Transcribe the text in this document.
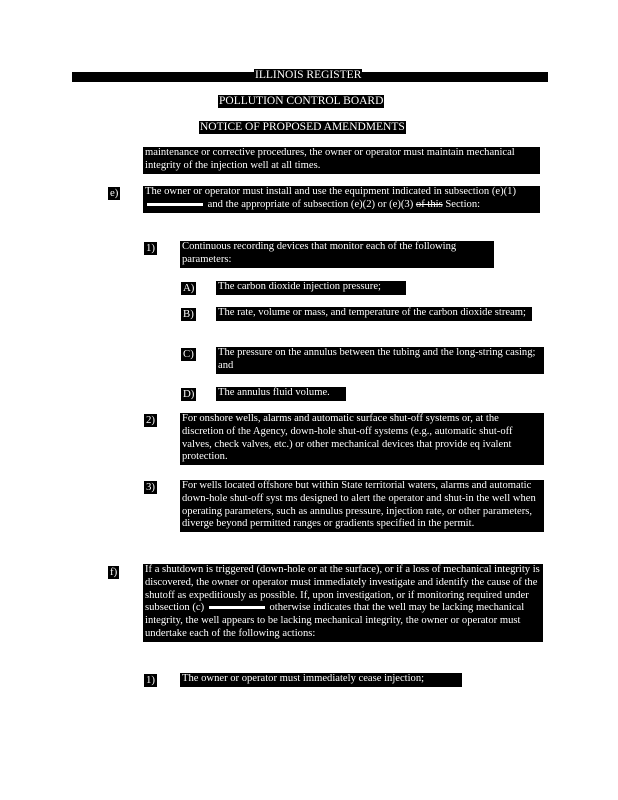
ILLINOIS REGISTER
POLLUTION CONTROL BOARD
NOTICE OF PROPOSED AMENDMENTS
maintenance or corrective procedures, the owner or operator must maintain mechanical integrity of the injection well at all times.
e)	The owner or operator must install and use the equipment indicated in subsection (e)(1)  and the appropriate of subsection (e)(2) or (e)(3) of this Section:
1)	Continuous recording devices that monitor each of the following parameters:
A) The carbon dioxide injection pressure;
B) The rate, volume or mass, and temperature of the carbon dioxide stream;
C) The pressure on the annulus between the tubing and the long-string casing; and
D) The annulus fluid volume.
2)	For onshore wells, alarms and automatic surface shut-off systems or, at the discretion of the Agency, down-hole shut-off systems (e.g., automatic shut-off valves, check valves, etc.) or other mechanical devices that provide eq ivalent protection.
3)	For wells located offshore but within State territorial waters, alarms and automatic down-hole shut-off syst ms designed to alert the operator and shut-in the well when operating parameters, such as annulus pressure, injection rate, or other parameters, diverge beyond permitted ranges or gradients specified in the permit.
f)	If a shutdown is triggered (down-hole or at the surface), or if a loss of mechanical integrity is discovered, the owner or operator must immediately investigate and identify the cause of the shutoff as expeditiously as possible. If, upon investigation, or if monitoring required under subsection (c)	otherwise indicates that the well may be lacking mechanical integrity, the well appears to be lacking mechanical integrity, the owner or operator must undertake each of the following actions:
1)	The owner or operator must immediately cease injection;
